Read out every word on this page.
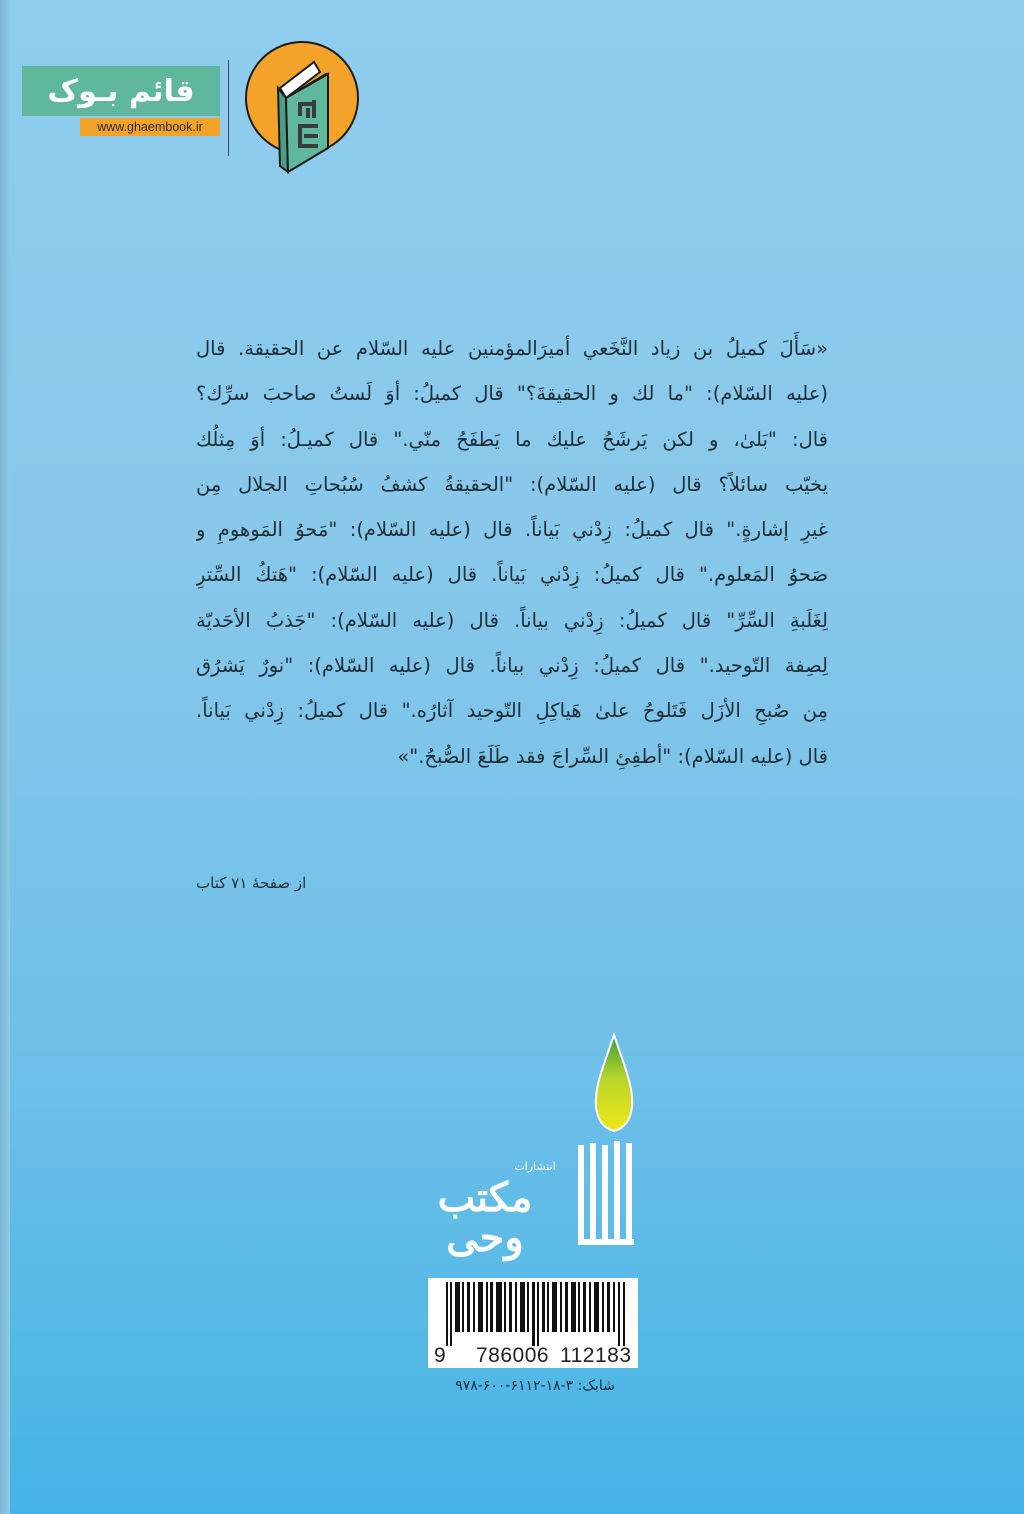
قائم بـوک
www.ghaembook.ir
«سَأَلَ كميلُ بن زياد النَّخَعي أميرَالمؤمنين عليه السّلام عن الحقيقة. قال
(عليه السّلام): "ما لك و الحقيقةَ؟" قال كميلُ: أوَ لَستُ صاحبَ سرِّك؟
قال: "بَلىٰ، و لكن يَرشَحُ عليك ما يَطفَحُ منّي." قال كميـلُ: أوَ مِثلُك
يخيّب سائلاً؟ قال (عليه السّلام): "الحقيقةُ كشفُ سُبُحاتِ الجلال مِن
غيرِ إشارةٍ." قال كميلُ: زِدْني بَياناً. قال (عليه السّلام): "مَحوُ المَوهومِ و
صَحوُ المَعلوم." قال كميلُ: زِدْني بَياناً. قال (عليه السّلام): "هَتكُ السِّترِ
لِغَلَبةِ السِّرِّ" قال كميلُ: زِدْني بياناً. قال (عليه السّلام): "جَذبُ الأحَديّة
لِصِفة التّوحيد." قال كميلُ: زِدْني بياناً. قال (عليه السّلام): "نورٌ يَشرُق
مِن صُبحِ الأزَل فَتَلوحُ علىٰ هَياكِلِ التّوحيد آثارُه." قال كميلُ: زِدْني بَياناً.
قال (عليه السّلام): "أطفِئِ السِّراجَ فقد طَلَعَ الصُّبحُ."»
از صفحهٔ ۷۱ کتاب
انتشارات
مکتب وحی
9 786006 112183
شابک: ۳-۱۸-۶۱۱۲-۶۰۰-۹۷۸
